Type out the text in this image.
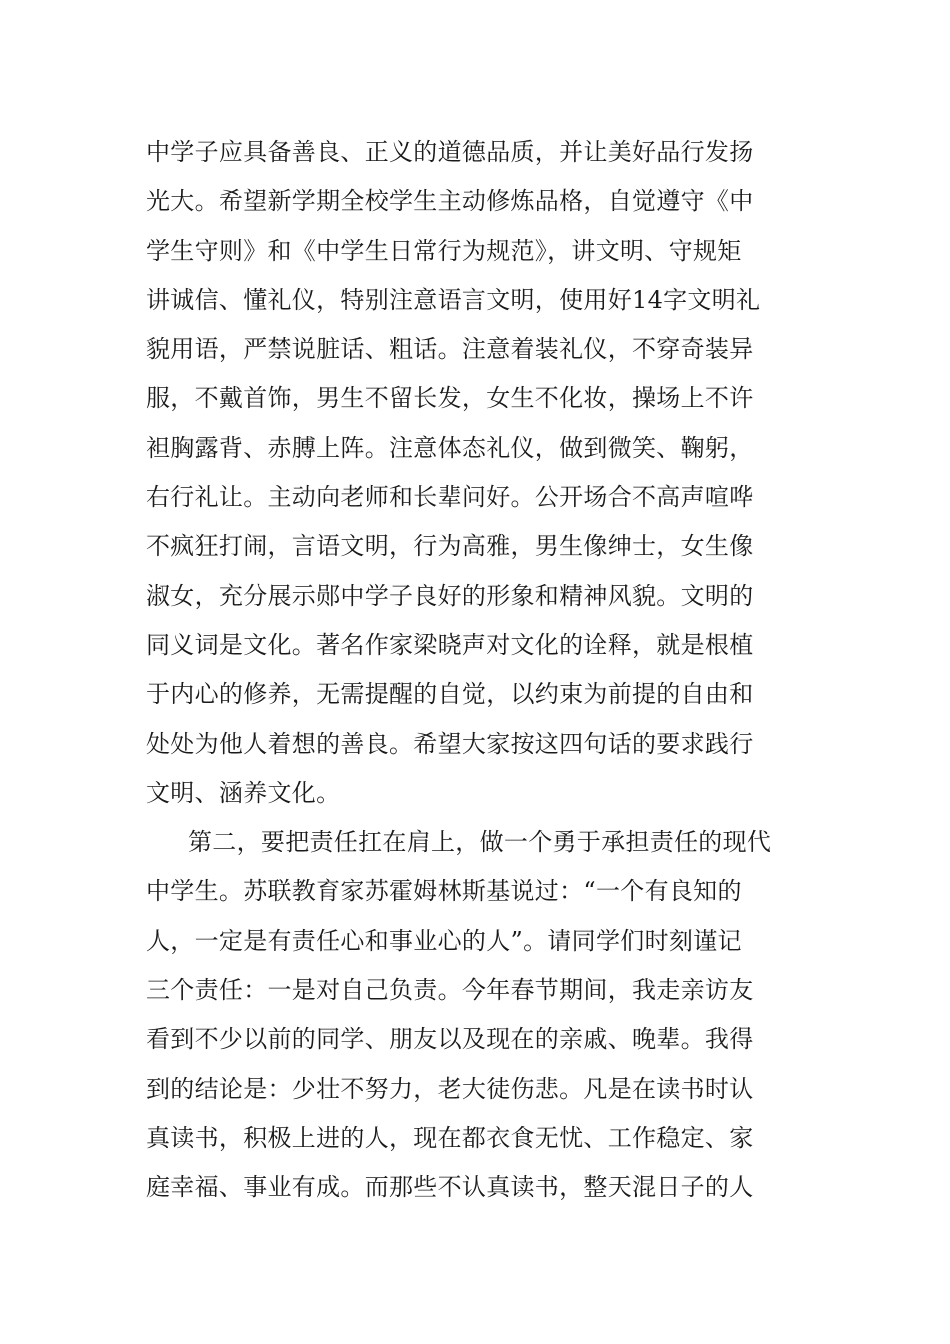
中学子应具备善良、正义的道德品质，并让美好品行发扬
光大。希望新学期全校学生主动修炼品格，自觉遵守《中
学生守则》和《中学生日常行为规范》，讲文明、守规矩
讲诚信、懂礼仪，特别注意语言文明，使用好14字文明礼
貌用语，严禁说脏话、粗话。注意着装礼仪，不穿奇装异
服，不戴首饰，男生不留长发，女生不化妆，操场上不许
袒胸露背、赤膊上阵。注意体态礼仪，做到微笑、鞠躬，
右行礼让。主动向老师和长辈问好。公开场合不高声喧哗
不疯狂打闹，言语文明，行为高雅，男生像绅士，女生像
淑女，充分展示郧中学子良好的形象和精神风貌。文明的
同义词是文化。著名作家梁晓声对文化的诠释，就是根植
于内心的修养，无需提醒的自觉，以约束为前提的自由和
处处为他人着想的善良。希望大家按这四句话的要求践行
文明、涵养文化。
第二，要把责任扛在肩上，做一个勇于承担责任的现代
中学生。苏联教育家苏霍姆林斯基说过：“一个有良知的
人，一定是有责任心和事业心的人”。请同学们时刻谨记
三个责任：一是对自己负责。今年春节期间，我走亲访友
看到不少以前的同学、朋友以及现在的亲戚、晚辈。我得
到的结论是：少壮不努力，老大徒伤悲。凡是在读书时认
真读书，积极上进的人，现在都衣食无忧、工作稳定、家
庭幸福、事业有成。而那些不认真读书，整天混日子的人
